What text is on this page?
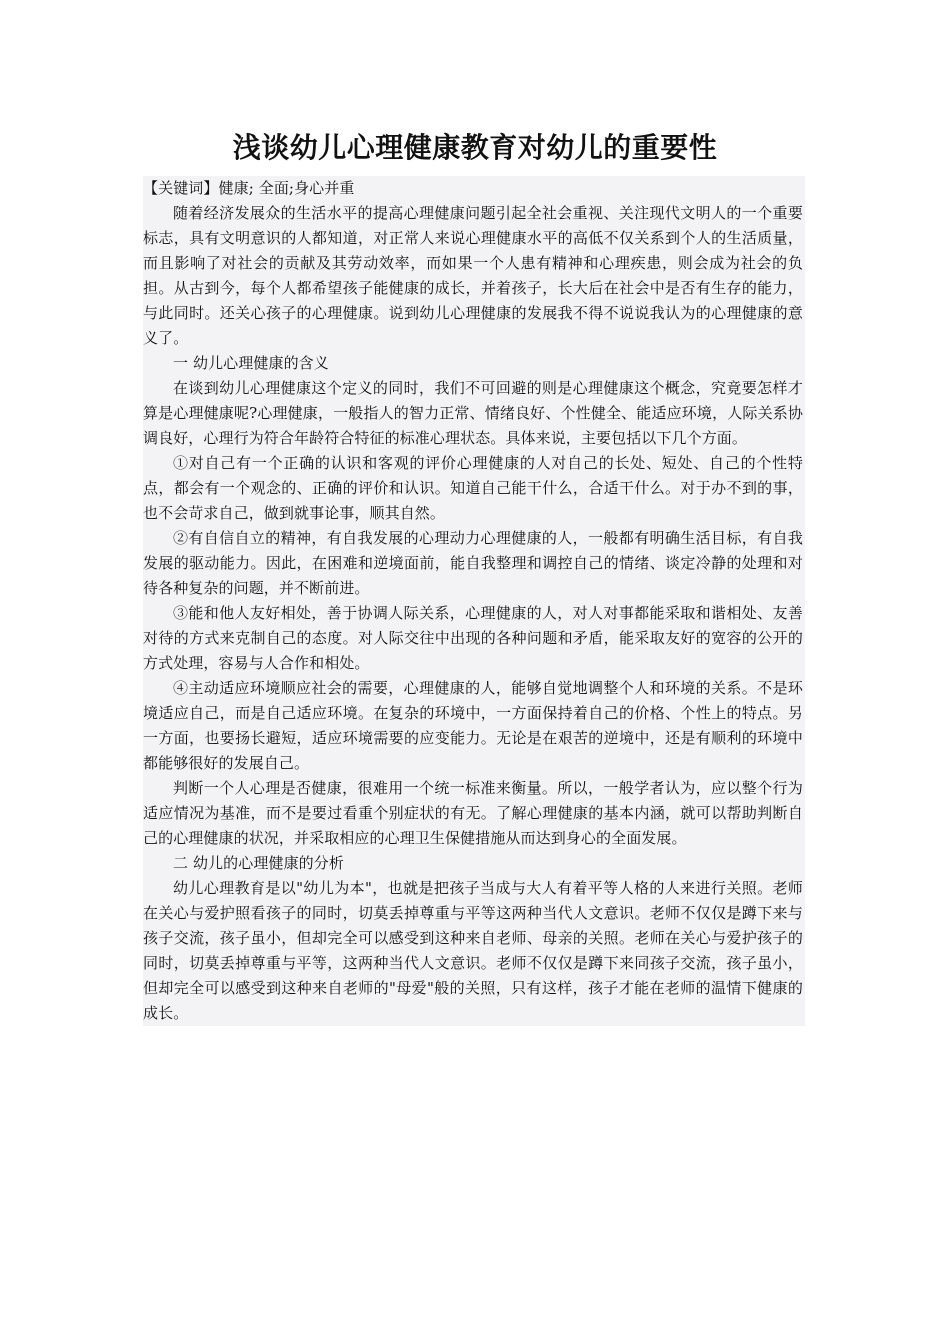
浅谈幼儿心理健康教育对幼儿的重要性

【关键词】健康; 全面;身心并重

随着经济发展众的生活水平的提高心理健康问题引起全社会重视、关注现代文明人的一个重要标志，具有文明意识的人都知道，对正常人来说心理健康水平的高低不仅关系到个人的生活质量，而且影响了对社会的贡献及其劳动效率，而如果一个人患有精神和心理疾患，则会成为社会的负担。从古到今，每个人都希望孩子能健康的成长，并着孩子，长大后在社会中是否有生存的能力，与此同时。还关心孩子的心理健康。说到幼儿心理健康的发展我不得不说说我认为的心理健康的意义了。

一 幼儿心理健康的含义

在谈到幼儿心理健康这个定义的同时，我们不可回避的则是心理健康这个概念，究竟要怎样才算是心理健康呢?心理健康，一般指人的智力正常、情绪良好、个性健全、能适应环境，人际关系协调良好，心理行为符合年龄符合特征的标准心理状态。具体来说，主要包括以下几个方面。

①对自己有一个正确的认识和客观的评价心理健康的人对自己的长处、短处、自己的个性特点，都会有一个观念的、正确的评价和认识。知道自己能干什么，合适干什么。对于办不到的事，也不会苛求自己，做到就事论事，顺其自然。

②有自信自立的精神，有自我发展的心理动力心理健康的人，一般都有明确生活目标，有自我发展的驱动能力。因此，在困难和逆境面前，能自我整理和调控自己的情绪、谈定冷静的处理和对待各种复杂的问题，并不断前进。

③能和他人友好相处，善于协调人际关系，心理健康的人，对人对事都能采取和谐相处、友善对待的方式来克制自己的态度。对人际交往中出现的各种问题和矛盾，能采取友好的宽容的公开的方式处理，容易与人合作和相处。

④主动适应环境顺应社会的需要，心理健康的人，能够自觉地调整个人和环境的关系。不是环境适应自己，而是自己适应环境。在复杂的环境中，一方面保持着自己的价格、个性上的特点。另一方面，也要扬长避短，适应环境需要的应变能力。无论是在艰苦的逆境中，还是有顺利的环境中都能够很好的发展自己。

判断一个人心理是否健康，很难用一个统一标准来衡量。所以，一般学者认为，应以整个行为适应情况为基准，而不是要过看重个别症状的有无。了解心理健康的基本内涵，就可以帮助判断自己的心理健康的状况，并采取相应的心理卫生保健措施从而达到身心的全面发展。

二 幼儿的心理健康的分析

幼儿心理教育是以"幼儿为本"，也就是把孩子当成与大人有着平等人格的人来进行关照。老师在关心与爱护照看孩子的同时，切莫丢掉尊重与平等这两种当代人文意识。老师不仅仅是蹲下来与孩子交流，孩子虽小，但却完全可以感受到这种来自老师、母亲的关照。老师在关心与爱护孩子的同时，切莫丢掉尊重与平等，这两种当代人文意识。老师不仅仅是蹲下来同孩子交流，孩子虽小，但却完全可以感受到这种来自老师的"母爱"般的关照，只有这样，孩子才能在老师的温情下健康的成长。
